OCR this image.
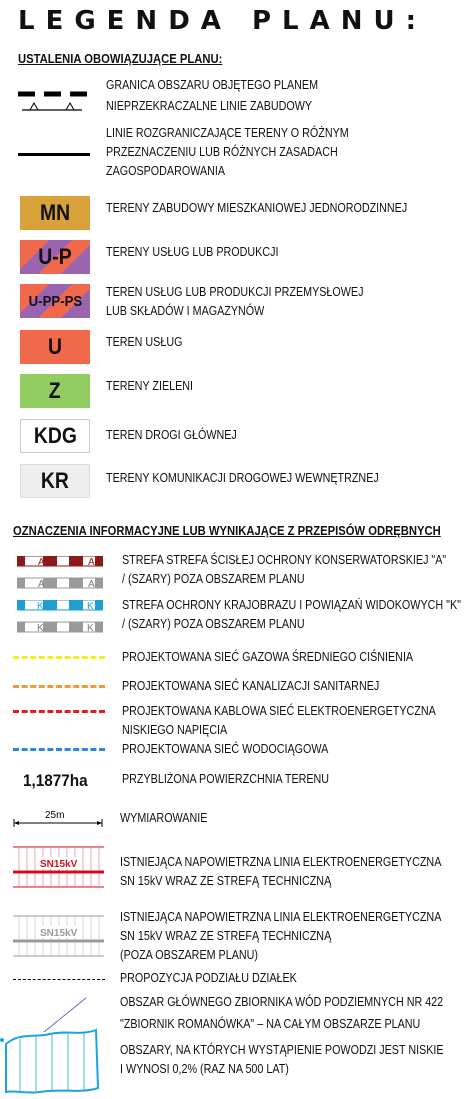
LEGENDA PLANU:
USTALENIA OBOWIĄZUJĄCE PLANU:
GRANICA OBSZARU OBJĘTEGO PLANEM
NIEPRZEKRACZALNE LINIE ZABUDOWY
LINIE ROZGRANICZAJĄCE TERENY O RÓŻNYM
PRZEZNACZENIU LUB RÓŻNYCH ZASADACH
ZAGOSPODAROWANIA
MN	TERENY ZABUDOWY MIESZKANIOWEJ JEDNORODZINNEJ
U-P	TERENY USŁUG LUB PRODUKCJI
U-PP-PS
TEREN USŁUG LUB PRODUKCJI PRZEMYSŁOWEJ
LUB SKŁADÓW I MAGAZYNÓW
U	TEREN USŁUG
Z	TERENY ZIELENI
KDG TEREN DROGI GŁÓWNEJ
KR	TERENY KOMUNIKACJI DROGOWEJ WEWNĘTRZNEJ
OZNACZENIA INFORMACYJNE LUB WYNIKAJĄCE Z PRZEPISÓW ODRĘBNYCH
A	A
A	A
STREFA STREFA ŚCISŁEJ OCHRONY KONSERWATORSKIEJ "A"
/ (SZARY) POZA OBSZAREM PLANU
K	K
K	K
STREFA OCHRONY KRAJOBRAZU I POWIĄZAŃ WIDOKOWYCH "K"
/ (SZARY) POZA OBSZAREM PLANU
PROJEKTOWANA SIEĆ GAZOWA ŚREDNIEGO CIŚNIENIA
PROJEKTOWANA SIEĆ KANALIZACJI SANITARNEJ
PROJEKTOWANA KABLOWA SIEĆ ELEKTROENERGETYCZNA
NISKIEGO NAPIĘCIA
PROJEKTOWANA SIEĆ WODOCIĄGOWA
1,1877ha	PRZYBLIŻONA POWIERZCHNIA TERENU
25m	WYMIAROWANIE
SN15kV	ISTNIEJĄCA NAPOWIETRZNA LINIA ELEKTROENERGETYCZNA
SN 15kV WRAZ ZE STREFĄ TECHNICZNĄ
SN15kV
ISTNIEJĄCA NAPOWIETRZNA LINIA ELEKTROENERGETYCZNA
SN 15kV WRAZ ZE STREFĄ TECHNICZNĄ
(POZA OBSZAREM PLANU)
PROPOZYCJA PODZIAŁU DZIAŁEK
OBSZAR GŁÓWNEGO ZBIORNIKA WÓD PODZIEMNYCH NR 422
"ZBIORNIK ROMANÓWKA" – NA CAŁYM OBSZARZE PLANU
OBSZARY, NA KTÓRYCH WYSTĄPIENIE POWODZI JEST NISKIE
I WYNOSI 0,2% (RAZ NA 500 LAT)
